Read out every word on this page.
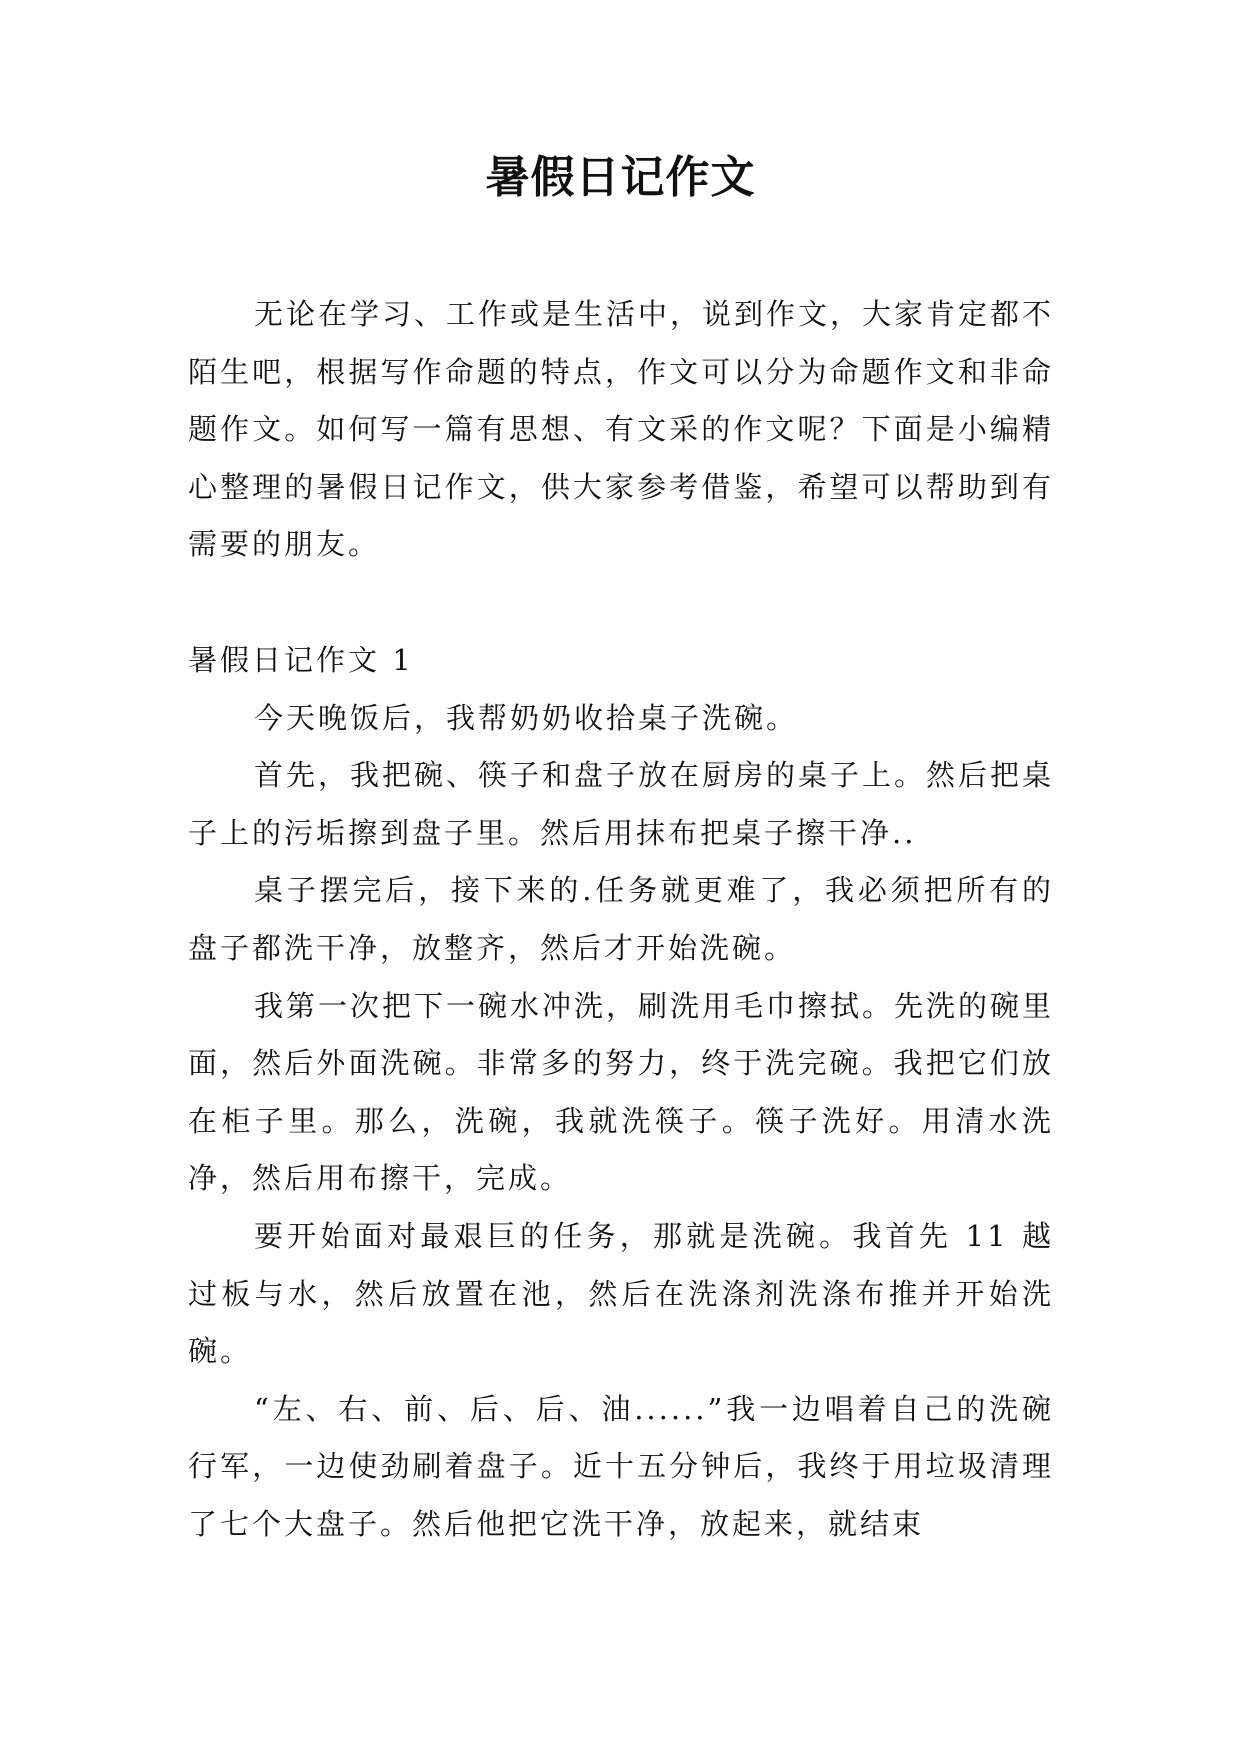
暑假日记作文

无论在学习、工作或是生活中，说到作文，大家肯定都不陌生吧，根据写作命题的特点，作文可以分为命题作文和非命题作文。如何写一篇有思想、有文采的作文呢？下面是小编精心整理的暑假日记作文，供大家参考借鉴，希望可以帮助到有需要的朋友。

暑假日记作文 1

今天晚饭后，我帮奶奶收拾桌子洗碗。

首先，我把碗、筷子和盘子放在厨房的桌子上。然后把桌子上的污垢擦到盘子里。然后用抹布把桌子擦干净..

桌子摆完后，接下来的.任务就更难了，我必须把所有的盘子都洗干净，放整齐，然后才开始洗碗。

我第一次把下一碗水冲洗，刷洗用毛巾擦拭。先洗的碗里面，然后外面洗碗。非常多的努力，终于洗完碗。我把它们放在柜子里。那么，洗碗，我就洗筷子。筷子洗好。用清水洗净，然后用布擦干，完成。

要开始面对最艰巨的任务，那就是洗碗。我首先 11 越过板与水，然后放置在池，然后在洗涤剂洗涤布推并开始洗碗。

“左、右、前、后、后、油......”我一边唱着自己的洗碗行军，一边使劲刷着盘子。近十五分钟后，我终于用垃圾清理了七个大盘子。然后他把它洗干净，放起来，就结束
